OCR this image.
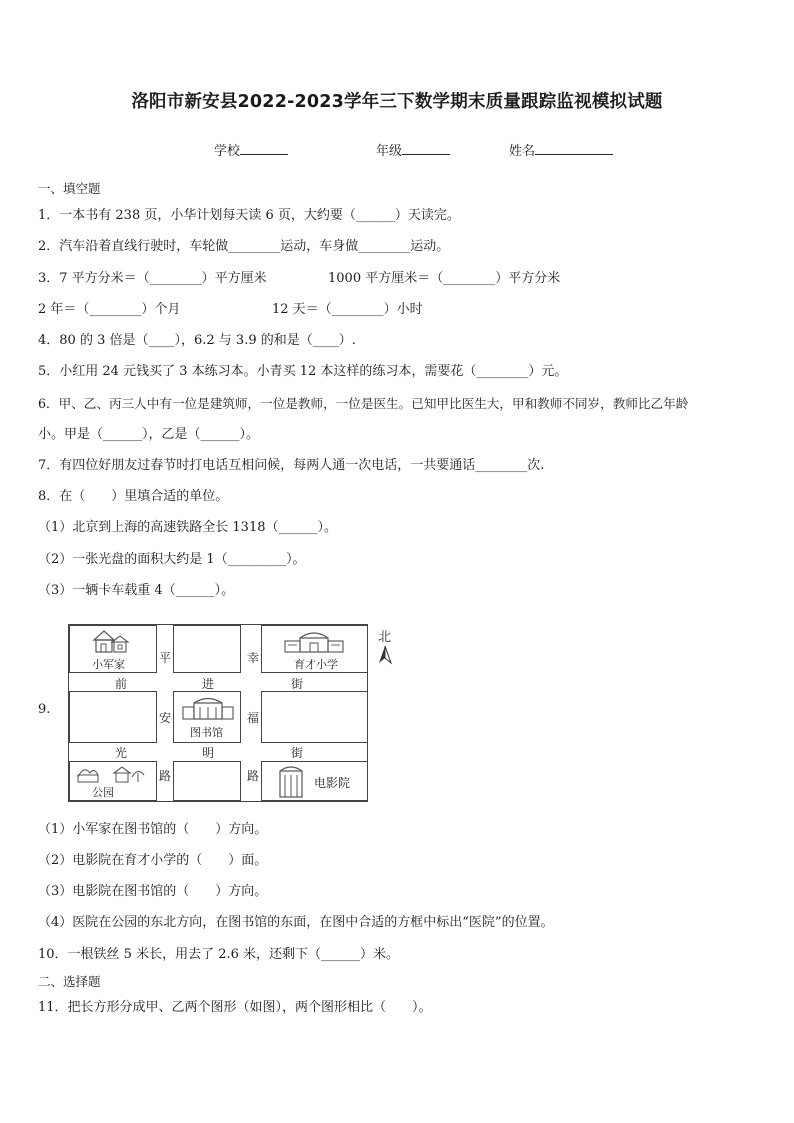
洛阳市新安县2022-2023学年三下数学期末质量跟踪监视模拟试题
学校	年级	姓名
一、填空题
1．一本书有 238 页，小华计划每天读 6 页，大约要（______）天读完。
2．汽车沿着直线行驶时，车轮做________运动，车身做________运动。
3．7 平方分米＝（________）平方厘米	1000 平方厘米＝（________）平方分米
2 年＝（________）个月	12 天＝（________）小时
4．80 的 3 倍是（____），6.2 与 3.9 的和是（____）.
5．小红用 24 元钱买了 3 本练习本。小青买 12 本这样的练习本，需要花（________）元。
6．甲、乙、丙三人中有一位是建筑师，一位是教师，一位是医生。已知甲比医生大，甲和教师不同岁，教师比乙年龄
小。甲是（______），乙是（______）。
7．有四位好朋友过春节时打电话互相问候，每两人通一次电话，一共要通话________次.
8．在（　　）里填合适的单位。
（1）北京到上海的高速铁路全长 1318（______）。
（2）一张光盘的面积大约是 1（_________）。
（3）一辆卡车载重 4（______）。
9.
小军家	育才小学
图书馆
公园
电影院
平	幸
安	福
路	路
前	进	街
光	明	街
北
（1）小军家在图书馆的（　　）方向。
（2）电影院在育才小学的（　　）面。
（3）电影院在图书馆的（　　）方向。
（4）医院在公园的东北方向，在图书馆的东面，在图中合适的方框中标出“医院”的位置。
10．一根铁丝 5 米长，用去了 2.6 米，还剩下（______）米。
二、选择题
11．把长方形分成甲、乙两个图形（如图），两个图形相比（　　）。
